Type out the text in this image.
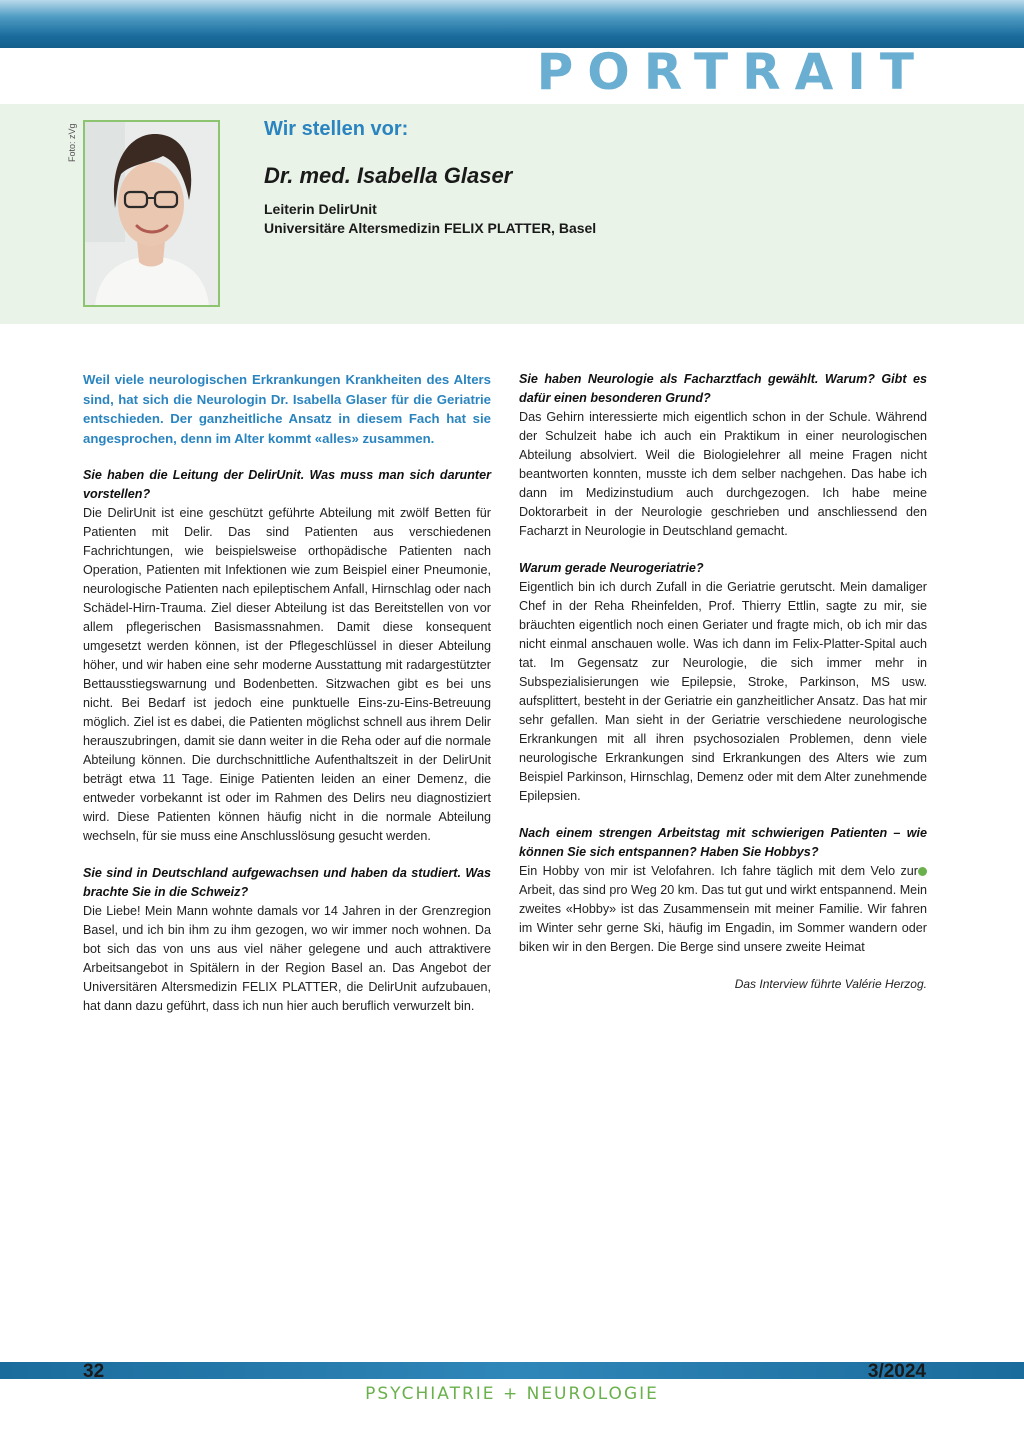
PORTRAIT
Foto: zVg	Wir stellen vor:
Dr. med. Isabella Glaser
Leiterin DelirUnit
Universitäre Altersmedizin FELIX PLATTER, Basel

Weil viele neurologischen Erkrankungen Krankheiten des Alters sind, hat sich die Neurologin Dr. Isabella Glaser für die Geriatrie entschieden. Der ganzheitliche Ansatz in diesem Fach hat sie angesprochen, denn im Alter kommt «alles» zusammen.

Sie haben die Leitung der DelirUnit. Was muss man sich darunter vorstellen?

Die DelirUnit ist eine geschützt geführte Abteilung mit zwölf Betten für Patienten mit Delir. Das sind Patienten aus verschiedenen Fachrichtungen, wie beispielsweise orthopädische Patienten nach Operation, Patienten mit Infektionen wie zum Beispiel einer Pneumonie, neurologische Patienten nach epileptischem Anfall, Hirnschlag oder nach Schädel-Hirn-Trauma. Ziel dieser Abteilung ist das Bereitstellen von vor allem pflegerischen Basismassnahmen. Damit diese konsequent umgesetzt werden können, ist der Pflegeschlüssel in dieser Abteilung höher, und wir haben eine sehr moderne Ausstattung mit radargestützter Bettausstiegswarnung und Bodenbetten. Sitzwachen gibt es bei uns nicht. Bei Bedarf ist jedoch eine punktuelle Eins-zu-Eins-Betreuung möglich. Ziel ist es dabei, die Patienten möglichst schnell aus ihrem Delir herauszubringen, damit sie dann weiter in die Reha oder auf die normale Abteilung können. Die durchschnittliche Aufenthaltszeit in der DelirUnit beträgt etwa 11 Tage. Einige Patienten leiden an einer Demenz, die entweder vorbekannt ist oder im Rahmen des Delirs neu diagnostiziert wird. Diese Patienten können häufig nicht in die normale Abteilung wechseln, für sie muss eine Anschlusslösung gesucht werden.

Sie sind in Deutschland aufgewachsen und haben da studiert. Was brachte Sie in die Schweiz?

Die Liebe! Mein Mann wohnte damals vor 14 Jahren in der Grenzregion Basel, und ich bin ihm zu ihm gezogen, wo wir immer noch wohnen. Da bot sich das von uns aus viel näher gelegene und auch attraktivere Arbeitsangebot in Spitälern in der Region Basel an. Das Angebot der Universitären Altersmedizin FELIX PLATTER, die DelirUnit aufzubauen, hat dann dazu geführt, dass ich nun hier auch beruflich verwurzelt bin.

Sie haben Neurologie als Facharztfach gewählt. Warum? Gibt es dafür einen besonderen Grund?

Das Gehirn interessierte mich eigentlich schon in der Schule. Während der Schulzeit habe ich auch ein Praktikum in einer neurologischen Abteilung absolviert. Weil die Biologielehrer all meine Fragen nicht beantworten konnten, musste ich dem selber nachgehen. Das habe ich dann im Medizinstudium auch durchgezogen. Ich habe meine Doktorarbeit in der Neurologie geschrieben und anschliessend den Facharzt in Neurologie in Deutschland gemacht.

Warum gerade Neurogeriatrie?

Eigentlich bin ich durch Zufall in die Geriatrie gerutscht. Mein damaliger Chef in der Reha Rheinfelden, Prof. Thierry Ettlin, sagte zu mir, sie bräuchten eigentlich noch einen Geriater und fragte mich, ob ich mir das nicht einmal anschauen wolle. Was ich dann im Felix-Platter-Spital auch tat. Im Gegensatz zur Neurologie, die sich immer mehr in Subspezialisierungen wie Epilepsie, Stroke, Parkinson, MS usw. aufsplittert, besteht in der Geriatrie ein ganzheitlicher Ansatz. Das hat mir sehr gefallen. Man sieht in der Geriatrie verschiedene neurologische Erkrankungen mit all ihren psychosozialen Problemen, denn viele neurologische Erkrankungen sind Erkrankungen des Alters wie zum Beispiel Parkinson, Hirnschlag, Demenz oder mit dem Alter zunehmende Epilepsien.

Nach einem strengen Arbeitstag mit schwierigen Patienten – wie können Sie sich entspannen? Haben Sie Hobbys?

Ein Hobby von mir ist Velofahren. Ich fahre täglich mit dem Velo zur Arbeit, das sind pro Weg 20 km. Das tut gut und wirkt entspannend. Mein zweites «Hobby» ist das Zusammensein mit meiner Familie. Wir fahren im Winter sehr gerne Ski, häufig im Engadin, im Sommer wandern oder biken wir in den Bergen. Die Berge sind unsere zweite Heimat

Das Interview führte Valérie Herzog.

32	3/2024
PSYCHIATRIE + NEUROLOGIE
